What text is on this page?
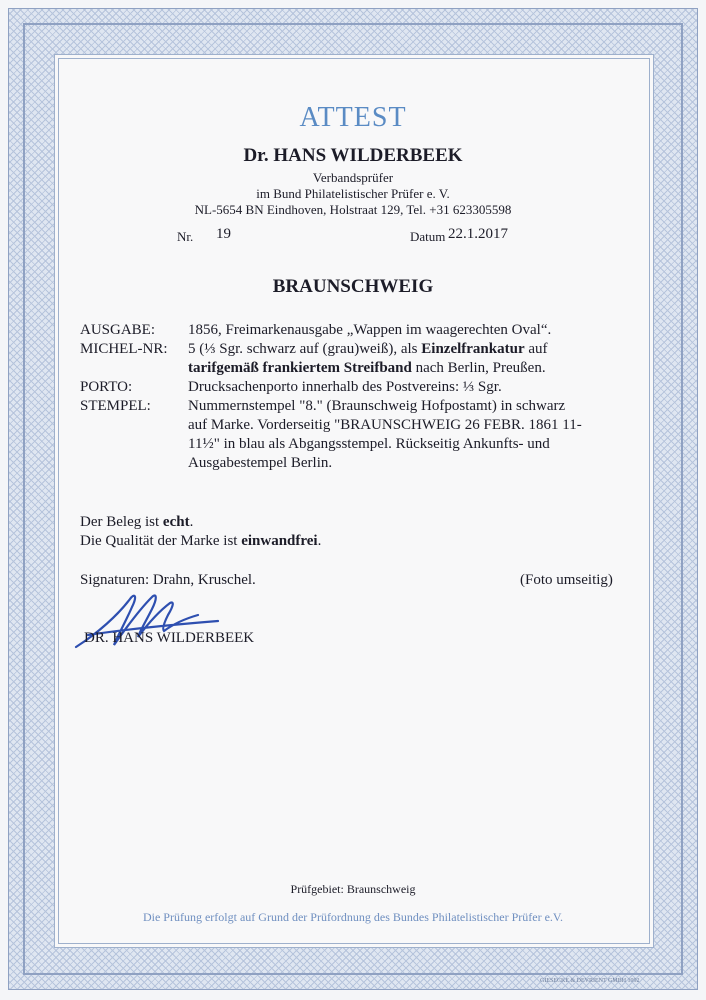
ATTEST
Dr. HANS WILDERBEEK
Verbandsprüfer
im Bund Philatelistischer Prüfer e. V.
NL-5654 BN Eindhoven, Holstraat 129, Tel. +31 623305598
Nr. 19	Datum 22.1.2017
BRAUNSCHWEIG
AUSGABE: 1856, Freimarkenausgabe „Wappen im waagerechten Oval“.
MICHEL-NR: 5 (⅓ Sgr. schwarz auf (grau)weiß), als Einzelfrankatur auf
tarifgemäß frankiertem Streifband nach Berlin, Preußen.
PORTO:	Drucksachenporto innerhalb des Postvereins: ⅓ Sgr.
STEMPEL: Nummernstempel "8." (Braunschweig Hofpostamt) in schwarz
auf Marke. Vorderseitig "BRAUNSCHWEIG 26 FEBR. 1861 11-
11½" in blau als Abgangsstempel. Rückseitig Ankunfts- und
Ausgabestempel Berlin.
Der Beleg ist echt.
Die Qualität der Marke ist einwandfrei.
Signaturen: Drahn, Kruschel.	(Foto umseitig)
DR. HANS WILDERBEEK
Prüfgebiet: Braunschweig
Die Prüfung erfolgt auf Grund der Prüfordnung des Bundes Philatelistischer Prüfer e.V.
GIESECKE & DEVRIENT GMBH 1992
